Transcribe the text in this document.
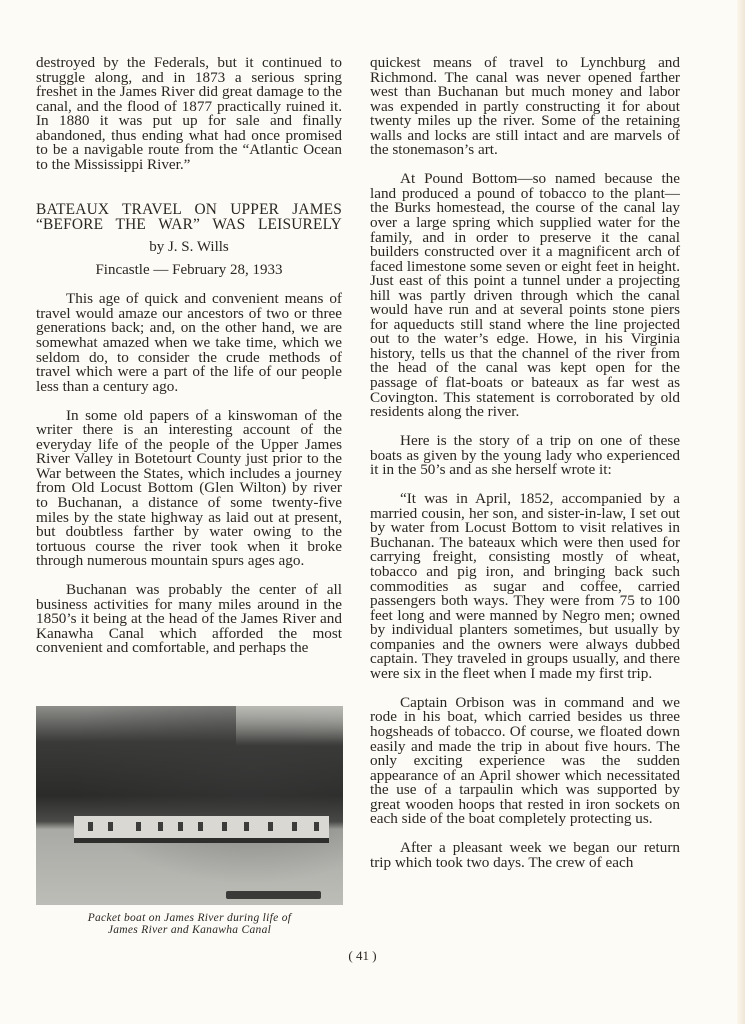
destroyed by the Federals, but it continued to struggle along, and in 1873 a serious spring freshet in the James River did great damage to the canal, and the flood of 1877 practically ruined it. In 1880 it was put up for sale and finally abandoned, thus ending what had once promised to be a navigable route from the “Atlantic Ocean to the Mississippi River.”

BATEAUX TRAVEL ON UPPER JAMES
“BEFORE THE WAR” WAS LEISURELY
by J. S. Wills
Fincastle — February 28, 1933

This age of quick and convenient means of travel would amaze our ancestors of two or three generations back; and, on the other hand, we are somewhat amazed when we take time, which we seldom do, to consider the crude methods of travel which were a part of the life of our people less than a century ago.

In some old papers of a kinswoman of the writer there is an interesting account of the everyday life of the people of the Upper James River Valley in Botetourt County just prior to the War between the States, which includes a journey from Old Locust Bottom (Glen Wilton) by river to Buchanan, a distance of some twenty-five miles by the state highway as laid out at present, but doubtless farther by water owing to the tortuous course the river took when it broke through numerous mountain spurs ages ago.

Buchanan was probably the center of all business activities for many miles around in the 1850’s it being at the head of the James River and Kanawha Canal which afforded the most convenient and comfortable, and perhaps the

Packet boat on James River during life of
James River and Kanawha Canal

quickest means of travel to Lynchburg and Richmond. The canal was never opened farther west than Buchanan but much money and labor was expended in partly constructing it for about twenty miles up the river. Some of the retaining walls and locks are still intact and are marvels of the stonemason’s art.

At Pound Bottom—so named because the land produced a pound of tobacco to the plant— the Burks homestead, the course of the canal lay over a large spring which supplied water for the family, and in order to preserve it the canal builders constructed over it a magnificent arch of faced limestone some seven or eight feet in height. Just east of this point a tunnel under a projecting hill was partly driven through which the canal would have run and at several points stone piers for aqueducts still stand where the line projected out to the water’s edge. Howe, in his Virginia history, tells us that the channel of the river from the head of the canal was kept open for the passage of flat-boats or bateaux as far west as Covington. This statement is corroborated by old residents along the river.

Here is the story of a trip on one of these boats as given by the young lady who experienced it in the 50’s and as she herself wrote it:

“It was in April, 1852, accompanied by a married cousin, her son, and sister-in-law, I set out by water from Locust Bottom to visit relatives in Buchanan. The bateaux which were then used for carrying freight, consisting mostly of wheat, tobacco and pig iron, and bringing back such commodities as sugar and coffee, carried passengers both ways. They were from 75 to 100 feet long and were manned by Negro men; owned by individual planters sometimes, but usually by companies and the owners were always dubbed captain. They traveled in groups usually, and there were six in the fleet when I made my first trip.

Captain Orbison was in command and we rode in his boat, which carried besides us three hogsheads of tobacco. Of course, we floated down easily and made the trip in about five hours. The only exciting experience was the sudden appearance of an April shower which necessitated the use of a tarpaulin which was supported by great wooden hoops that rested in iron sockets on each side of the boat completely protecting us.

After a pleasant week we began our return trip which took two days. The crew of each

( 41 )
